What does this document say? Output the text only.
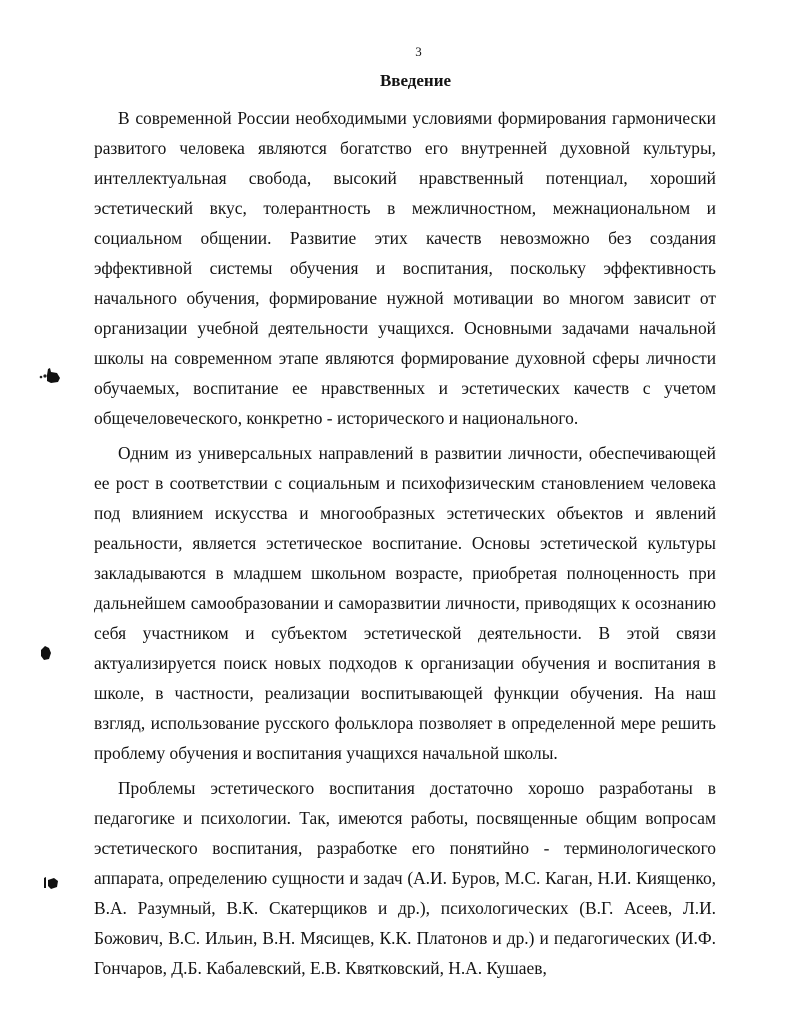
3
Введение

В современной России необходимыми условиями формирования гармонически развитого человека являются богатство его внутренней духовной культуры, интеллектуальная свобода, высокий нравственный потенциал, хороший эстетический вкус, толерантность в межличностном, межнациональном и социальном общении. Развитие этих качеств невозможно без создания эффективной системы обучения и воспитания, поскольку эффективность начального обучения, формирование нужной мотивации во многом зависит от организации учебной деятельности учащихся. Основными задачами начальной школы на современном этапе являются формирование духовной сферы личности обучаемых, воспитание ее нравственных и эстетических качеств с учетом общечеловеческого, конкретно - исторического и национального.

Одним из универсальных направлений в развитии личности, обеспечивающей ее рост в соответствии с социальным и психофизическим становлением человека под влиянием искусства и многообразных эстетических объектов и явлений реальности, является эстетическое воспитание. Основы эстетической культуры закладываются в младшем школьном возрасте, приобретая полноценность при дальнейшем самообразовании и саморазвитии личности, приводящих к осознанию себя участником и субъектом эстетической деятельности. В этой связи актуализируется поиск новых подходов к организации обучения и воспитания в школе, в частности, реализации воспитывающей функции обучения. На наш взгляд, использование русского фольклора позволяет в определенной мере решить проблему обучения и воспитания учащихся начальной школы.

Проблемы эстетического воспитания достаточно хорошо разработаны в педагогике и психологии. Так, имеются работы, посвященные общим вопросам эстетического воспитания, разработке его понятийно - терминологического аппарата, определению сущности и задач (А.И. Буров, М.С. Каган, Н.И. Киященко, В.А. Разумный, В.К. Скатерщиков и др.), психологических (В.Г. Асеев, Л.И. Божович, В.С. Ильин, В.Н. Мясищев, К.К. Платонов и др.) и педагогических (И.Ф. Гончаров, Д.Б. Кабалевский, Е.В. Квятковский, Н.А. Кушаев,
